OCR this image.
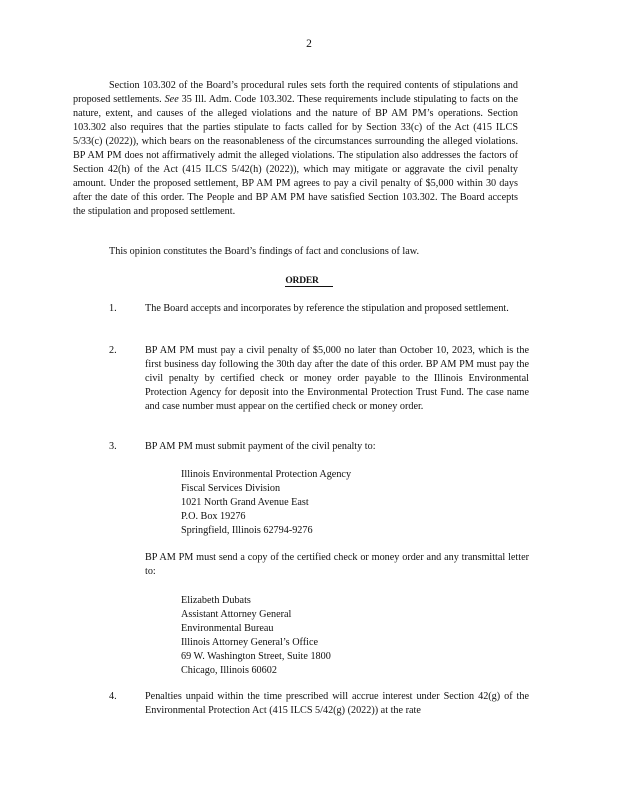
2
Section 103.302 of the Board’s procedural rules sets forth the required contents of stipulations and proposed settlements. See 35 Ill. Adm. Code 103.302. These requirements include stipulating to facts on the nature, extent, and causes of the alleged violations and the nature of BP AM PM’s operations. Section 103.302 also requires that the parties stipulate to facts called for by Section 33(c) of the Act (415 ILCS 5/33(c) (2022)), which bears on the reasonableness of the circumstances surrounding the alleged violations. BP AM PM does not affirmatively admit the alleged violations. The stipulation also addresses the factors of Section 42(h) of the Act (415 ILCS 5/42(h) (2022)), which may mitigate or aggravate the civil penalty amount. Under the proposed settlement, BP AM PM agrees to pay a civil penalty of $5,000 within 30 days after the date of this order. The People and BP AM PM have satisfied Section 103.302. The Board accepts the stipulation and proposed settlement.
This opinion constitutes the Board’s findings of fact and conclusions of law.
ORDER
1.	The Board accepts and incorporates by reference the stipulation and proposed settlement.
2.	BP AM PM must pay a civil penalty of $5,000 no later than October 10, 2023, which is the first business day following the 30th day after the date of this order. BP AM PM must pay the civil penalty by certified check or money order payable to the Illinois Environmental Protection Agency for deposit into the Environmental Protection Trust Fund. The case name and case number must appear on the certified check or money order.
3.	BP AM PM must submit payment of the civil penalty to:
Illinois Environmental Protection Agency
Fiscal Services Division
1021 North Grand Avenue East
P.O. Box 19276
Springfield, Illinois 62794-9276
BP AM PM must send a copy of the certified check or money order and any transmittal letter to:
Elizabeth Dubats
Assistant Attorney General
Environmental Bureau
Illinois Attorney General’s Office
69 W. Washington Street, Suite 1800
Chicago, Illinois 60602
4.	Penalties unpaid within the time prescribed will accrue interest under Section 42(g) of the Environmental Protection Act (415 ILCS 5/42(g) (2022)) at the rate
